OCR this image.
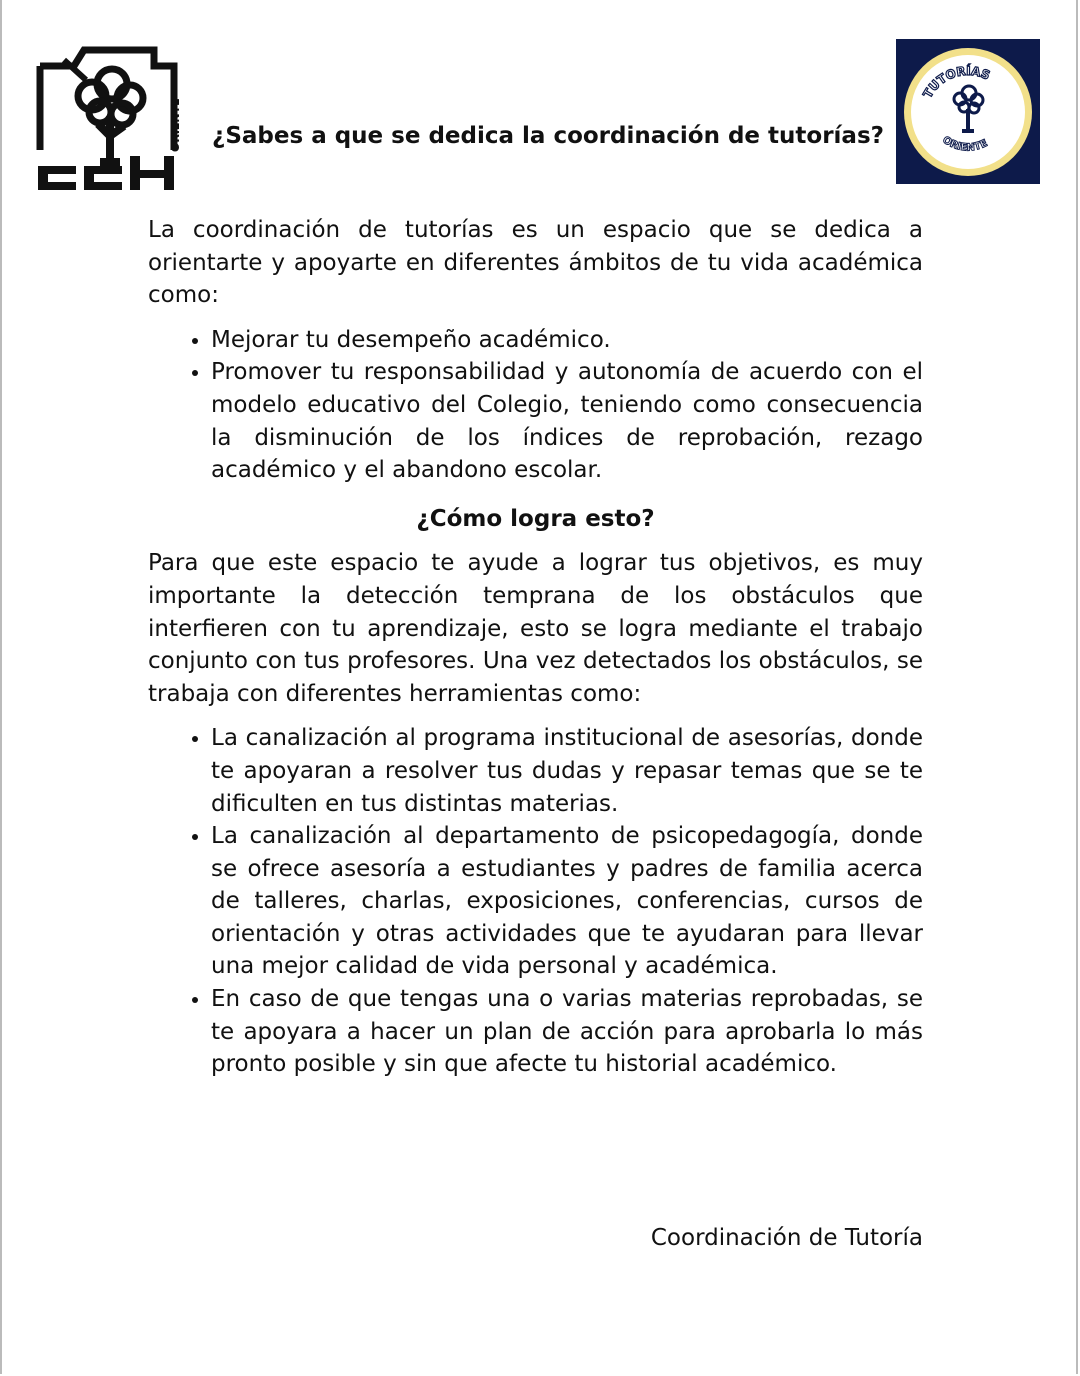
ORIENTE ¿Sabes a que se dedica la coordinación de tutorías?
TUTORÍAS
ORIENTE

La coordinación de tutorías es un espacio que se dedica a orientarte y apoyarte en diferentes ámbitos de tu vida académica como:

• Mejorar tu desempeño académico.
• Promover tu responsabilidad y autonomía de acuerdo con el modelo educativo del Colegio, teniendo como consecuencia la disminución de los índices de reprobación, rezago académico y el abandono escolar.
¿Cómo logra esto?

Para que este espacio te ayude a lograr tus objetivos, es muy importante la detección temprana de los obstáculos que interfieren con tu aprendizaje, esto se logra mediante el trabajo conjunto con tus profesores. Una vez detectados los obstáculos, se trabaja con diferentes herramientas como:

• La canalización al programa institucional de asesorías, donde te apoyaran a resolver tus dudas y repasar temas que se te dificulten en tus distintas materias.
• La canalización al departamento de psicopedagogía, donde se ofrece asesoría a estudiantes y padres de familia acerca de talleres, charlas, exposiciones, conferencias, cursos de orientación y otras actividades que te ayudaran para llevar una mejor calidad de vida personal y académica.
• En caso de que tengas una o varias materias reprobadas, se te apoyara a hacer un plan de acción para aprobarla lo más pronto posible y sin que afecte tu historial académico.
Coordinación de Tutoría
